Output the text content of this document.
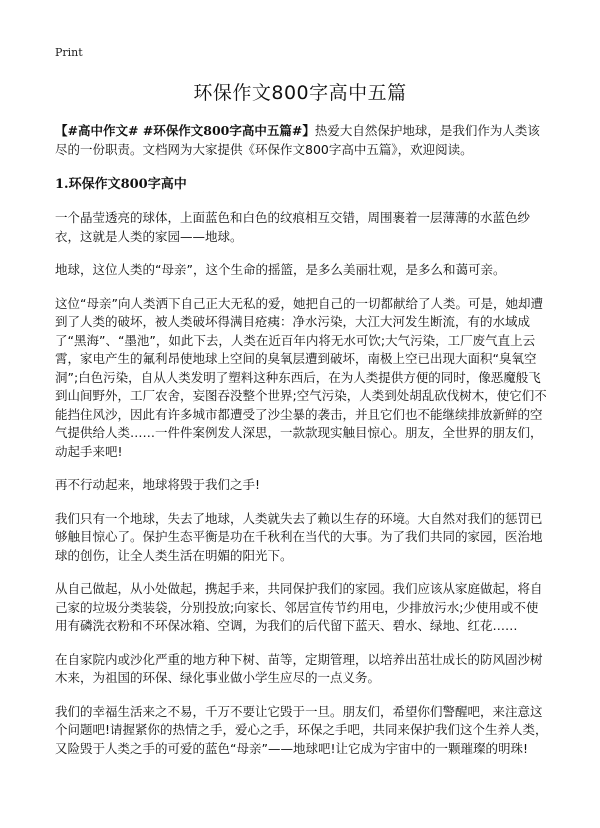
Print
环保作文800字高中五篇

【#高中作文# #环保作文800字高中五篇#】热爱大自然保护地球，是我们作为人类该尽的一份职责。文档网为大家提供《环保作文800字高中五篇》，欢迎阅读。

1.环保作文800字高中

一个晶莹透亮的球体，上面蓝色和白色的纹痕相互交错，周围裹着一层薄薄的水蓝色纱衣，这就是人类的家园——地球。

地球，这位人类的“母亲”，这个生命的摇篮，是多么美丽壮观，是多么和蔼可亲。

这位“母亲”向人类洒下自己正大无私的爱，她把自己的一切都献给了人类。可是，她却遭到了人类的破坏，被人类破坏得满目疮痍：净水污染，大江大河发生断流，有的水域成了“黑海”、“墨池”，如此下去，人类在近百年内将无水可饮;大气污染，工厂废气直上云霄，家电产生的氟利昂使地球上空间的臭氧层遭到破坏，南极上空已出现大面积“臭氧空洞”;白色污染，自从人类发明了塑料这种东西后，在为人类提供方便的同时，像恶魔般飞到山间野外，工厂农舍，妄图吞没整个世界;空气污染，人类到处胡乱砍伐树木，使它们不能挡住风沙，因此有许多城市都遭受了沙尘暴的袭击，并且它们也不能继续排放新鲜的空气提供给人类……一件件案例发人深思，一款款现实触目惊心。朋友，全世界的朋友们，动起手来吧!

再不行动起来，地球将毁于我们之手!

我们只有一个地球，失去了地球，人类就失去了赖以生存的环境。大自然对我们的惩罚已够触目惊心了。保护生态平衡是功在千秋利在当代的大事。为了我们共同的家园，医治地球的创伤，让全人类生活在明媚的阳光下。

从自己做起，从小处做起，携起手来，共同保护我们的家园。我们应该从家庭做起，将自己家的垃圾分类装袋，分别投放;向家长、邻居宣传节约用电，少排放污水;少使用或不使用有磷洗衣粉和不环保冰箱、空调，为我们的后代留下蓝天、碧水、绿地、红花……

在自家院内或沙化严重的地方种下树、苗等，定期管理，以培养出茁壮成长的防风固沙树木来，为祖国的环保、绿化事业做小学生应尽的一点义务。

我们的幸福生活来之不易，千万不要让它毁于一旦。朋友们，希望你们警醒吧，来注意这个问题吧!请握紧你的热情之手，爱心之手，环保之手吧，共同来保护我们这个生养人类，又险毁于人类之手的可爱的蓝色“母亲”——地球吧!让它成为宇宙中的一颗璀璨的明珠!
